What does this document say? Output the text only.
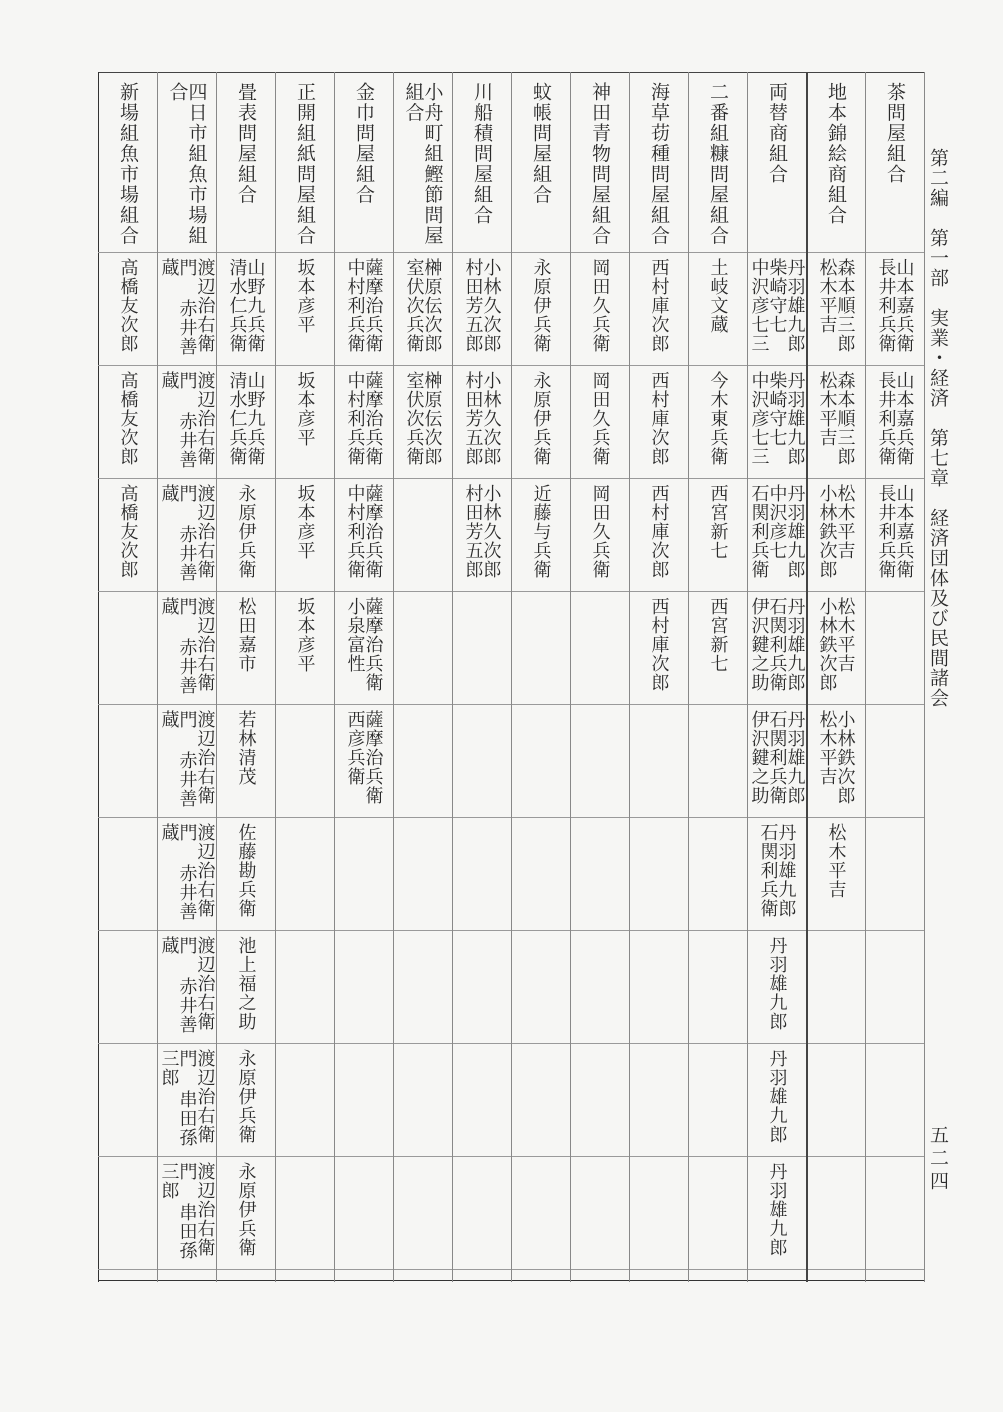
第二編　第一部　実業・経済　第七章　経済団体及び民間諸会
五二四
茶問屋組合
山本嘉兵衛 長井利兵衛
山本嘉兵衛 長井利兵衛
山本嘉兵衛 長井利兵衛
地本錦絵商組合
森本順三郎 松木平吉
森本順三郎 松木平吉
松木平吉 小林鉄次郎
松木平吉 小林鉄次郎
小林鉄次郎 松木平吉
松木平吉
両替商組合
丹羽雄九郎 柴崎守七 中沢彦七三
丹羽雄九郎 柴崎守七 中沢彦七三
丹羽雄九郎 中沢彦七 石関利兵衛
丹羽雄九郎 石関利兵衛 伊沢鍵之助
丹羽雄九郎 石関利兵衛 伊沢鍵之助
丹羽雄九郎 石関利兵衛
丹羽雄九郎
丹羽雄九郎
丹羽雄九郎
二番組糠問屋組合
土岐文蔵
今木東兵衛
西宮新七
西宮新七
海草苆種問屋組合
西村庫次郎
西村庫次郎
西村庫次郎
西村庫次郎
神田青物問屋組合
岡田久兵衛
岡田久兵衛
岡田久兵衛
蚊帳問屋組合
永原伊兵衛
永原伊兵衛
近藤与兵衛
川船積問屋組合
小林久次郎 村田芳五郎
小林久次郎 村田芳五郎
小林久次郎 村田芳五郎
小舟町組鰹節問屋組合
榊原伝次郎 室伏次兵衛
榊原伝次郎 室伏次兵衛
金巾問屋組合
薩摩治兵衛 中村利兵衛
薩摩治兵衛 中村利兵衛
薩摩治兵衛 中村利兵衛
薩摩治兵衛 小泉富性
薩摩治兵衛 西彦兵衛
正開組紙問屋組合
坂本彦平
坂本彦平
坂本彦平
坂本彦平
畳表問屋組合
山野九兵衛 清水仁兵衛
山野九兵衛 清水仁兵衛
永原伊兵衛
松田嘉市
若林清茂
佐藤勘兵衛
池上福之助
永原伊兵衛
永原伊兵衛
四日市組魚市場組合
渡辺治右衛門 赤井善蔵
渡辺治右衛門 赤井善蔵
渡辺治右衛門 赤井善蔵
渡辺治右衛門 赤井善蔵
渡辺治右衛門 赤井善蔵
渡辺治右衛門 赤井善蔵
渡辺治右衛門 赤井善蔵
渡辺治右衛門 串田孫三郎
渡辺治右衛門 串田孫三郎
新場組魚市場組合
高橋友次郎
高橋友次郎
高橋友次郎
